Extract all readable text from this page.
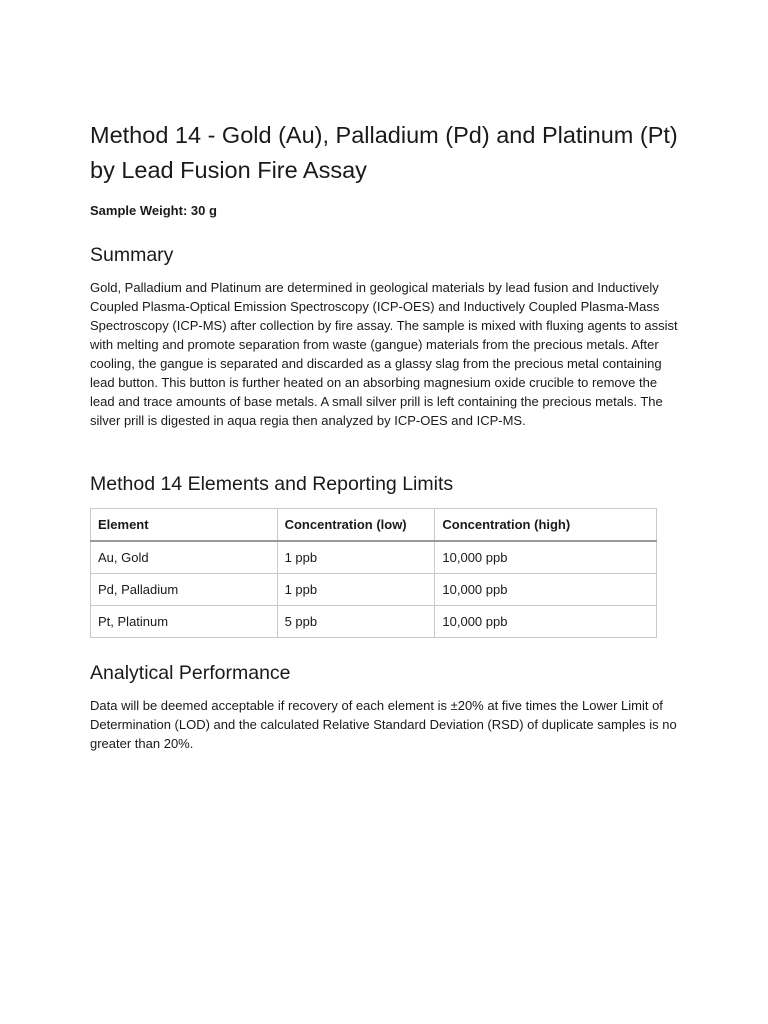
Method 14 - Gold (Au), Palladium (Pd) and Platinum (Pt) by Lead Fusion Fire Assay

Sample Weight: 30 g

Summary

Gold, Palladium and Platinum are determined in geological materials by lead fusion and Inductively Coupled Plasma-Optical Emission Spectroscopy (ICP-OES) and Inductively Coupled Plasma-Mass Spectroscopy (ICP-MS) after collection by fire assay. The sample is mixed with fluxing agents to assist with melting and promote separation from waste (gangue) materials from the precious metals. After cooling, the gangue is separated and discarded as a glassy slag from the precious metal containing lead button. This button is further heated on an absorbing magnesium oxide crucible to remove the lead and trace amounts of base metals. A small silver prill is left containing the precious metals. The silver prill is digested in aqua regia then analyzed by ICP-OES and ICP-MS.

Method 14 Elements and Reporting Limits
Element	Concentration (low)	Concentration (high)
Au, Gold	1 ppb	10,000 ppb
Pd, Palladium	1 ppb	10,000 ppb
Pt, Platinum	5 ppb	10,000 ppb
Analytical Performance

Data will be deemed acceptable if recovery of each element is ±20% at five times the Lower Limit of Determination (LOD) and the calculated Relative Standard Deviation (RSD) of duplicate samples is no greater than 20%.
